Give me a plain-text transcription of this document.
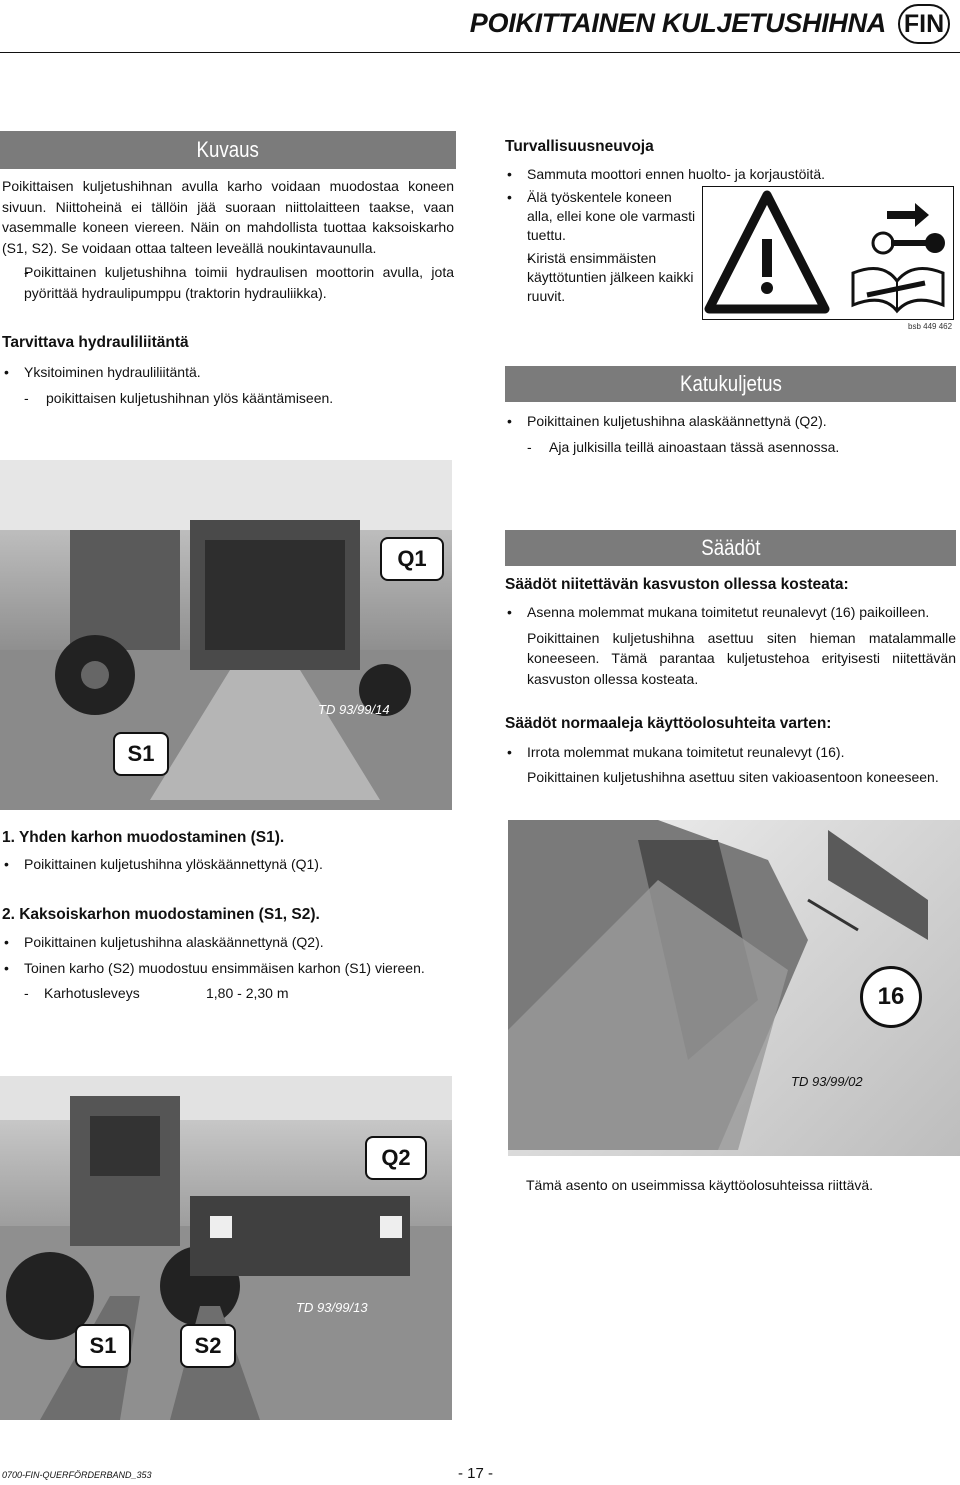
POIKITTAINEN KULJETUSHIHNA FIN
Kuvaus

Poikittaisen kuljetushihnan avulla karho voidaan muodostaa koneen sivuun. Niittoheinä ei tällöin jää suoraan niittolaitteen taakse, vaan vasemmalle koneen viereen. Näin on mahdollista tuottaa kaksoiskarho (S1, S2). Se voidaan ottaa talteen leveällä noukintavaunulla.

- Poikittainen kuljetushihna toimii hydraulisen moottorin avulla, jota pyörittää hydraulipumppu (traktorin hydrauliikka).

Tarvittava hydrauliliitäntä

• Yksitoiminen hydrauliliitäntä.

- poikittaisen kuljetushihnan ylös kääntämiseen.

Turvallisuusneuvoja

• Sammuta moottori ennen huolto- ja korjaustöitä.

• Älä työskentele koneen alla, ellei kone ole varmasti tuettu.

- Kiristä ensimmäisten käyttötuntien jälkeen kaikki ruuvit.

bsb 449 462
Katukuljetus

• Poikittainen kuljetushihna alaskäännettynä (Q2).

- Aja julkisilla teillä ainoastaan tässä asennossa.

Q1
S1
TD 93/99/14
Säädöt
Säädöt niitettävän kasvuston ollessa kosteata:

• Asenna molemmat mukana toimitetut reunalevyt (16) paikoilleen.

Poikittainen kuljetushihna asettuu siten hieman matalammalle koneeseen. Tämä parantaa kuljetustehoa erityisesti niitettävän kasvuston ollessa kosteata.

Säädöt normaaleja käyttöolosuhteita varten:

• Irrota molemmat mukana toimitetut reunalevyt (16).

Poikittainen kuljetushihna asettuu siten vakioasentoon koneeseen.

1. Yhden karhon muodostaminen (S1).

• Poikittainen kuljetushihna ylöskäännettynä (Q1).

2. Kaksoiskarhon muodostaminen (S1, S2).

• Poikittainen kuljetushihna alaskäännettynä (Q2).

• Toinen karho (S2) muodostuu ensimmäisen karhon (S1) viereen.

- Karhotusleveys	1,80 - 2,30 m	16
TD 93/99/02
Tämä asento on useimmissa käyttöolosuhteissa riittävä.
Q2
S1	S2
TD 93/99/13
0700-FIN-QUERFÖRDERBAND_353	- 17 -
